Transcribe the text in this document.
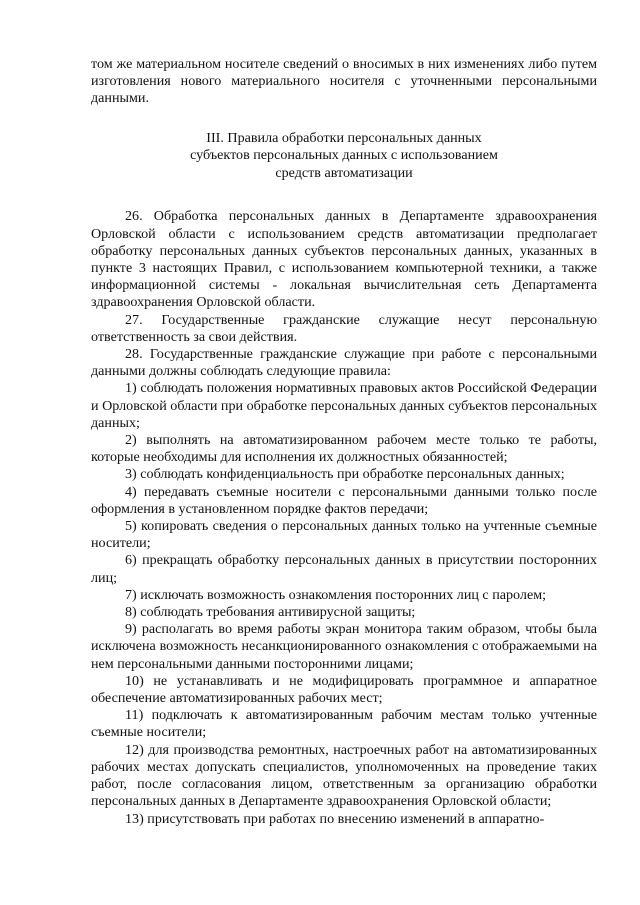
том же материальном носителе сведений о вносимых в них изменениях либо путем изготовления нового материального носителя с уточненными персональными данными.

III. Правила обработки персональных данных
субъектов персональных данных с использованием
средств автоматизации

26. Обработка персональных данных в Департаменте здравоохранения Орловской области с использованием средств автоматизации предполагает обработку персональных данных субъектов персональных данных, указанных в пункте 3 настоящих Правил, с использованием компьютерной техники, а также информационной системы - локальная вычислительная сеть Департамента здравоохранения Орловской области.

27. Государственные гражданские служащие несут персональную ответственность за свои действия.

28. Государственные гражданские служащие при работе с персональными данными должны соблюдать следующие правила:

1) соблюдать положения нормативных правовых актов Российской Федерации и Орловской области при обработке персональных данных субъектов персональных данных;

2) выполнять на автоматизированном рабочем месте только те работы, которые необходимы для исполнения их должностных обязанностей;

3) соблюдать конфиденциальность при обработке персональных данных;

4) передавать съемные носители с персональными данными только после оформления в установленном порядке фактов передачи;

5) копировать сведения о персональных данных только на учтенные съемные носители;

6) прекращать обработку персональных данных в присутствии посторонних лиц;

7) исключать возможность ознакомления посторонних лиц с паролем;

8) соблюдать требования антивирусной защиты;

9) располагать во время работы экран монитора таким образом, чтобы была исключена возможность несанкционированного ознакомления с отображаемыми на нем персональными данными посторонними лицами;

10) не устанавливать и не модифицировать программное и аппаратное обеспечение автоматизированных рабочих мест;

11) подключать к автоматизированным рабочим местам только учтенные съемные носители;

12) для производства ремонтных, настроечных работ на автоматизированных рабочих местах допускать специалистов, уполномоченных на проведение таких работ, после согласования лицом, ответственным за организацию обработки персональных данных в Департаменте здравоохранения Орловской области;

13) присутствовать при работах по внесению изменений в аппаратно-
